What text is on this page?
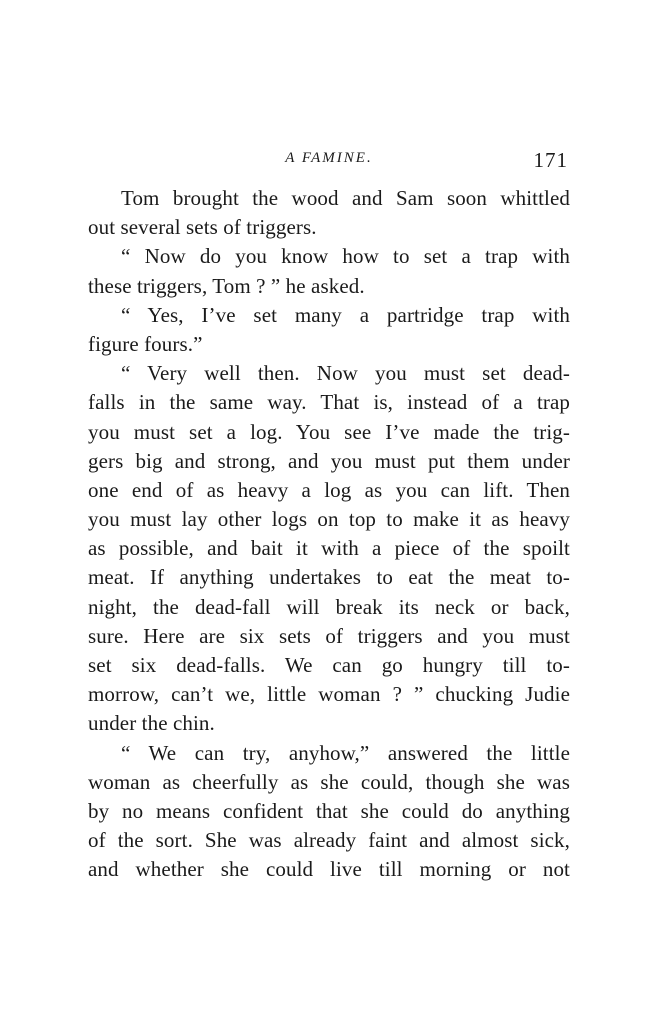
A FAMINE.	171
Tom brought the wood and Sam soon whittled
out several sets of triggers.
“ Now do you know how to set a trap with
these triggers, Tom ? ” he asked.
“ Yes, I’ve set many a partridge trap with
figure fours.”
“ Very well then. Now you must set dead-
falls in the same way. That is, instead of a trap
you must set a log. You see I’ve made the trig-
gers big and strong, and you must put them under
one end of as heavy a log as you can lift. Then
you must lay other logs on top to make it as heavy
as possible, and bait it with a piece of the spoilt
meat. If anything undertakes to eat the meat to-
night, the dead-fall will break its neck or back,
sure. Here are six sets of triggers and you must
set six dead-falls. We can go hungry till to-
morrow, can’t we, little woman ? ” chucking Judie
under the chin.
“ We can try, anyhow,” answered the little
woman as cheerfully as she could, though she was
by no means confident that she could do anything
of the sort. She was already faint and almost sick,
and whether she could live till morning or not
